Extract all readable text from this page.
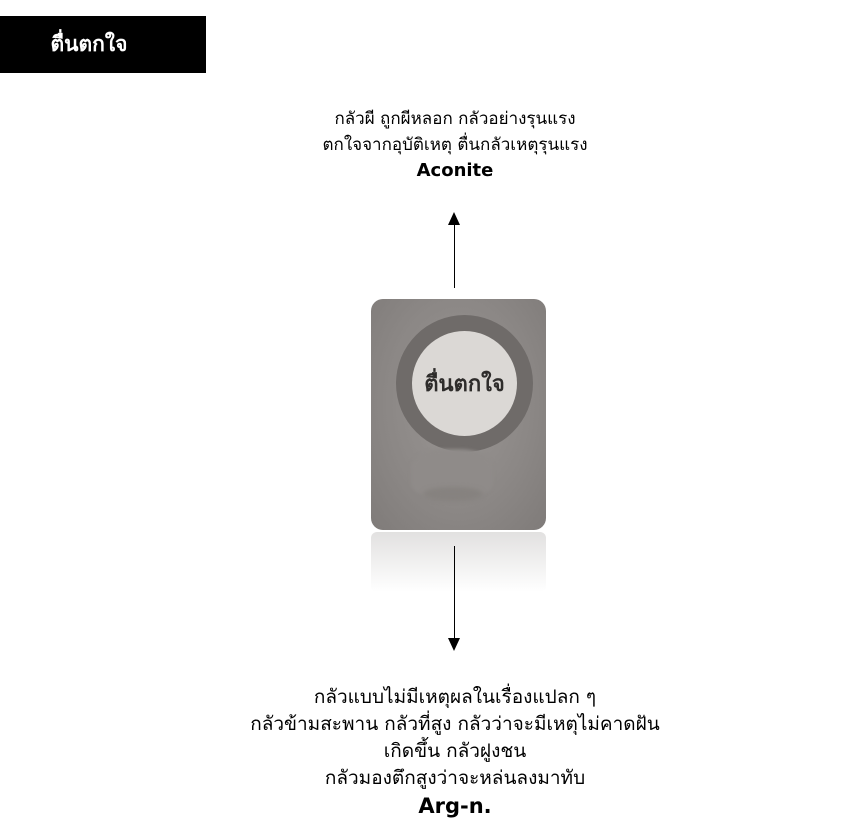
ตื่นตกใจ
กลัวผี ถูกผีหลอก กลัวอย่างรุนแรง
ตกใจจากอุบัติเหตุ ตื่นกลัวเหตุรุนแรง
Aconite
ตื่นตกใจ
กลัวแบบไม่มีเหตุผลในเรื่องแปลก ๆ
กลัวข้ามสะพาน กลัวที่สูง กลัวว่าจะมีเหตุไม่คาดฝัน
เกิดขึ้น กลัวฝูงชน
กลัวมองตึกสูงว่าจะหล่นลงมาทับ
Arg-n.
